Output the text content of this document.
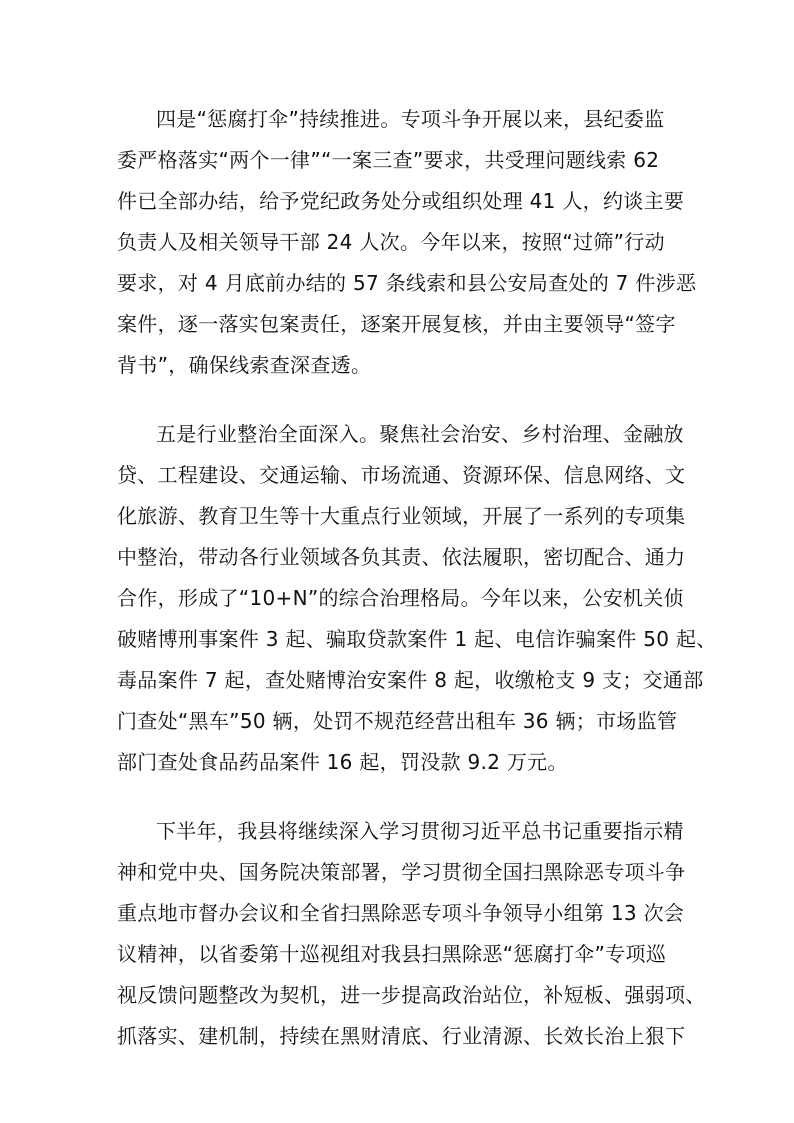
四是“惩腐打伞”持续推进。专项斗争开展以来，县纪委监
委严格落实“两个一律”“一案三查”要求，共受理问题线索 62
件已全部办结，给予党纪政务处分或组织处理 41 人，约谈主要
负责人及相关领导干部 24 人次。今年以来，按照“过筛”行动
要求，对 4 月底前办结的 57 条线索和县公安局查处的 7 件涉恶
案件，逐一落实包案责任，逐案开展复核，并由主要领导“签字
背书”，确保线索查深查透。
五是行业整治全面深入。聚焦社会治安、乡村治理、金融放
贷、工程建设、交通运输、市场流通、资源环保、信息网络、文
化旅游、教育卫生等十大重点行业领域，开展了一系列的专项集
中整治，带动各行业领域各负其责、依法履职，密切配合、通力
合作，形成了“10+N”的综合治理格局。今年以来，公安机关侦
破赌博刑事案件 3 起、骗取贷款案件 1 起、电信诈骗案件 50 起、
毒品案件 7 起，查处赌博治安案件 8 起，收缴枪支 9 支；交通部
门查处“黑车”50 辆，处罚不规范经营出租车 36 辆；市场监管
部门查处食品药品案件 16 起，罚没款 9.2 万元。
下半年，我县将继续深入学习贯彻习近平总书记重要指示精
神和党中央、国务院决策部署，学习贯彻全国扫黑除恶专项斗争
重点地市督办会议和全省扫黑除恶专项斗争领导小组第 13 次会
议精神，以省委第十巡视组对我县扫黑除恶“惩腐打伞”专项巡
视反馈问题整改为契机，进一步提高政治站位，补短板、强弱项、
抓落实、建机制，持续在黑财清底、行业清源、长效长治上狠下
